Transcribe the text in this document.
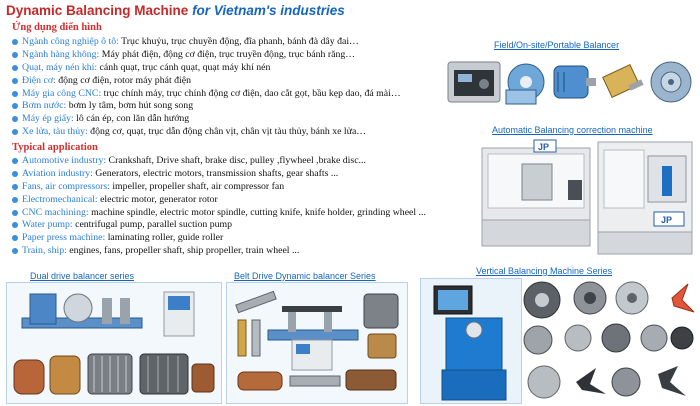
Dynamic Balancing Machine for Vietnam's industries
Ứng dụng điển hình
Ngành công nghiệp ô tô: Trục khuỷu, trục chuyền động, đĩa phanh, bánh đà dây đai…
Ngành hàng không: Máy phát điện, động cơ điện, trục truyền động, trục bánh răng…
Quạt, máy nén khí: cánh quạt, trục cánh quạt, quạt máy khí nén
Điện cơ: động cơ điện, rotor máy phát điện
Máy gia công CNC: trục chính máy, trục chính động cơ điện, dao cắt gọt, bầu kẹp dao, đá mài…
Bơm nước: bơm ly tâm, bơm hút song song
Máy ép giấy: lô cán ép, con lăn dẫn hướng
Xe lửa, tàu thủy: động cơ, quạt, trục dẫn động chân vịt, chân vịt tàu thủy, bánh xe lửa…
Typical application
Automotive industry: Crankshaft, Drive shaft, brake disc, pulley ,flywheel ,brake disc...
Aviation industry: Generators, electric motors, transmission shafts, gear shafts ...
Fans, air compressors: impeller, propeller shaft, air compressor fan
Electromechanical: electric motor, generator rotor
CNC machining: machine spindle, electric motor spindle, cutting knife, knife holder, grinding wheel ...
Water pump: centrifugal pump, parallel suction pump
Paper press machine: laminating roller, guide roller
Train, ship: engines, fans, propeller shaft, ship propeller, train wheel ...
Field/On-site/Portable Balancer
Automatic Balancing correction machine
JP
JP
Dual drive balancer series	Belt Drive Dynamic balancer Series	Vertical Balancing Machine Series
